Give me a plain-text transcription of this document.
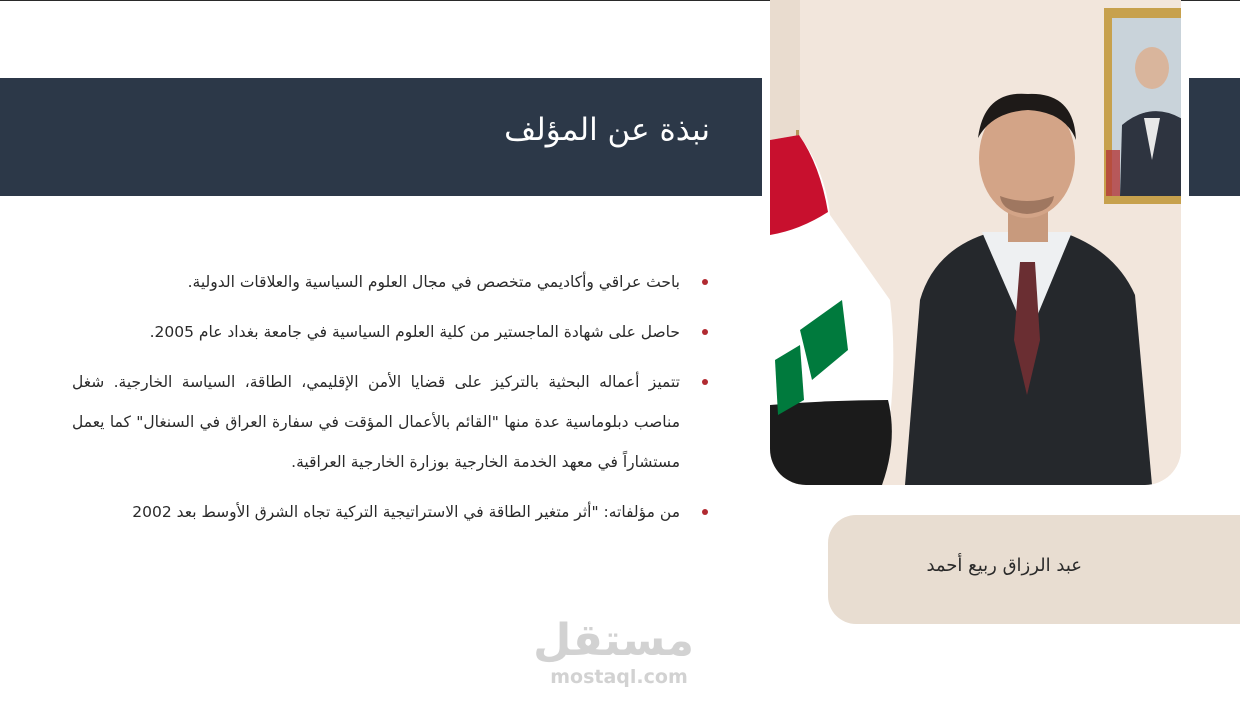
نبذة عن المؤلف
باحث عراقي وأكاديمي متخصص في مجال العلوم السياسية والعلاقات الدولية.
حاصل على شهادة الماجستير من كلية العلوم السياسية في جامعة بغداد عام 2005.
تتميز أعماله البحثية بالتركيز على قضايا الأمن الإقليمي، الطاقة، السياسة الخارجية. شغل مناصب دبلوماسية عدة منها "القائم بالأعمال المؤقت في سفارة العراق في السنغال" كما يعمل مستشاراً في معهد الخدمة الخارجية بوزارة الخارجية العراقية.
من مؤلفاته: "أثر متغير الطاقة في الاستراتيجية التركية تجاه الشرق الأوسط بعد 2002
عبد الرزاق ربيع أحمد
مستقل
mostaql.com
